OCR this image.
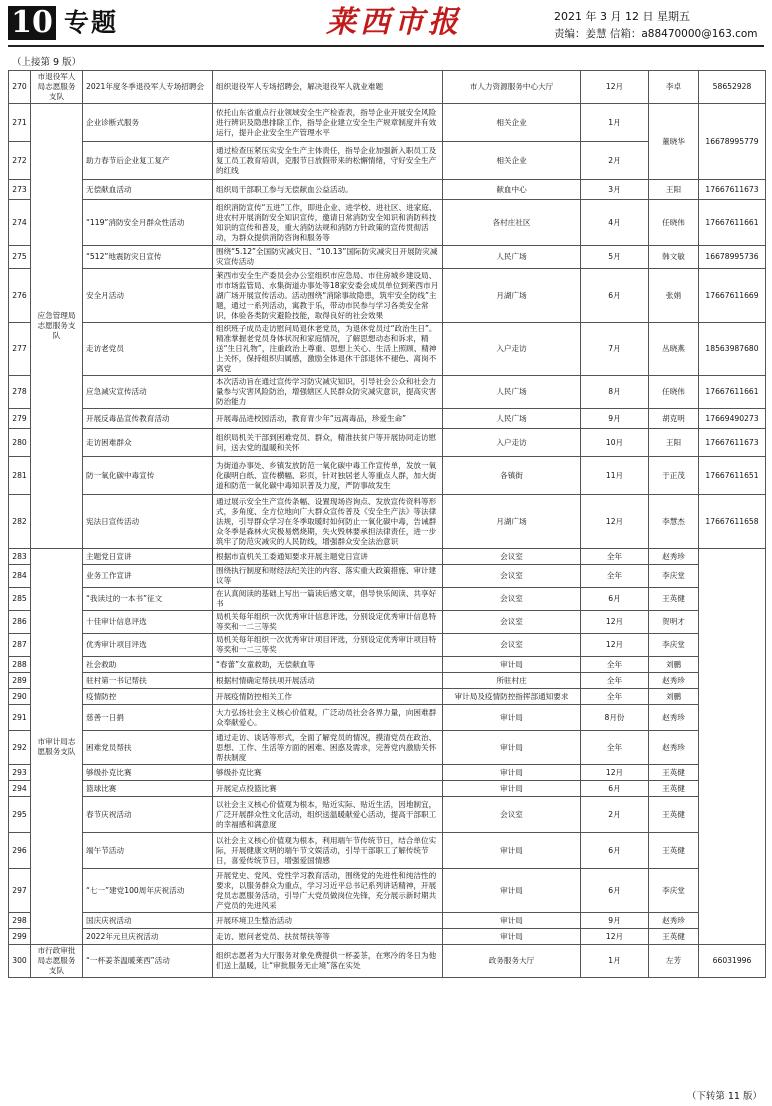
10 专题	莱西市报	2021 年 3 月 12 日 星期五
责编：姜慧 信箱：a88470000@163.com
（上接第 9 版）
270	市退役军人局志愿服务支队	2021年度冬季退役军人专场招聘会	组织退役军人专场招聘会，解决退役军人就业难题	市人力资源服务中心大厅	12月	李卓	58652928
271	应急管理局志愿服务支队	企业诊断式服务	依托山东省重点行业领域安全生产检查表，指导企业开展安全风险进行辨识及隐患排除工作，指导企业建立安全生产规章制度并有效运行，提升企业安全生产管理水平	相关企业	1月	董晓华	16678995779
272		助力春节后企业复工复产	通过检查压紧压实安全生产主体责任，指导企业加强新入职员工及复工员工教育培训，克服节日放假带来的松懈情绪，守好安全生产的红线	相关企业	2月		
273		无偿献血活动	组织局干部职工参与无偿献血公益活动。	献血中心	3月	王阳	17667611673
274		“119”消防安全月群众性活动	组织消防宣传“五进”工作，即进企业、进学校、进社区、进家庭、进农村开展消防安全知识宣传，邀请日常消防安全知识和消防科技知识的宣传和普及，重大消防法规和消防方针政策的宣传贯彻活动，为群众提供消防咨询和服务等	各村庄社区	4月	任晓伟	17667611661
275		“512”地震防灾日宣传	围绕“5.12”全国防灾减灾日、“10.13”国际防灾减灾日开展防灾减灾宣传活动	人民广场	5月	韩文敏	16678995736
276		安全月活动	莱西市安全生产委员会办公室组织市应急局、市住房城乡建设局、市市场监管局、水集街道办事处等18家安委会成员单位到莱西市月湖广场开展宣传活动。活动围绕“消除事故隐患，筑牢安全防线”主题，通过一系列活动，寓教于乐，带动市民参与学习各类安全常识，体验各类防灾避险技能，取得良好的社会效果	月湖广场	6月	张娟	17667611669
277		走访老党员	组织班子成员走访慰问局退休老党员，为退休党员过“政治生日”。精准掌握老党员身体状况和家庭情况，了解思想动态和诉求，精送“生日礼物”，注重政治上尊重、思想上关心、生活上照顾、精神上关怀，保持组织归属感，激励全体退休干部退休不褪色、离岗不离党	入户走访	7月	丛晓燕	18563987680
278		应急减灾宣传活动	本次活动旨在通过宣传学习防灾减灾知识，引导社会公众和社会力量参与灾害风险防治，增强辖区人民群众防灾减灾意识，提高灾害防治能力	人民广场	8月	任晓伟	17667611661
279		开展反毒品宣传教育活动	开展毒品进校园活动，教育青少年“远离毒品，珍爱生命”	人民广场	9月	胡克明	17669490273
280		走访困难群众	组织局机关干部到困难党员、群众，精准扶贫户等开展协同走访慰问，送去党的温暖和关怀	入户走访	10月	王阳	17667611673
281		防一氧化碳中毒宣传	为街道办事处、乡镇发放防范一氧化碳中毒工作宣传单，发放一氧化碳明白纸、宣传横幅、彩页，针对独居老人等重点人群，加大街道和防范一氧化碳中毒知识普及力度，严防事故发生	各镇街	11月	于正茂	17667611651
282		宪法日宣传活动	通过展示安全生产宣传条幅、设置现场咨询点、发放宣传资料等形式，多角度、全方位地向广大群众宣传普及《安全生产法》等法律法规，引导群众学习在冬季取暖时如何防止一氧化碳中毒，告诫群众冬季是森林火灾极易燃烧期，失火毁林要承担法律责任，进一步筑牢了防范灾减灾的人民防线，增强群众安全法治意识	月湖广场	12月	李慧杰	17667611658
283	市审计局志愿服务支队	主题党日宣讲	根据市直机关工委通知要求开展主题党日宣讲	会议室	全年	赵秀珍	
284		业务工作宣讲	围绕执行制度和财经法纪关注的内容、落实重大政策措施、审计建议等	会议室	全年	李庆堂	
285		“我读过的一本书”征文	在认真阅读的基础上写出一篇读后感文章，倡导快乐阅读、共享好书	会议室	6月	王英健	
286		十佳审计信息评选	局机关每年组织一次优秀审计信息评选，分别设定优秀审计信息特等奖和一二三等奖	会议室	12月	贺明才	
287		优秀审计项目评选	局机关每年组织一次优秀审计项目评选，分别设定优秀审计项目特等奖和一二三等奖	会议室	12月	李庆堂	
288		社会救助	“春蕾”女童救助，无偿献血等	审计局	全年	刘鹏	
289		驻村第一书记帮扶	根据村情确定帮扶项开展活动	所驻村庄	全年	赵秀珍	
290		疫情防控	开展疫情防控相关工作	审计局及疫情防控指挥部通知要求	全年	刘鹏	
291		慈善一日捐	大力弘扬社会主义核心价值观，广泛动员社会各界力量，向困难群众奉献爱心。	审计局	8月份	赵秀珍	
292		困难党员帮扶	通过走访、谈话等形式，全面了解党员的情况，摸清党员在政治、思想、工作、生活等方面的困难、困惑及需求，完善党内激励关怀帮扶制度	审计局	全年	赵秀珍	
293		够级扑克比赛	够级扑克比赛	审计局	12月	王英健	
294		篮球比赛	开展定点投篮比赛	审计局	6月	王英健	
295		春节庆祝活动	以社会主义核心价值观为根本，贴近实际、贴近生活，因地制宜，广泛开展群众性文化活动，组织送温暖献爱心活动，提高干部职工的幸福感和满意度	会议室	2月	王英健	
296		端午节活动	以社会主义核心价值观为根本，利用端午节传统节日，结合单位实际，开展健康文明的端午节文娱活动，引导干部职工了解传统节日，喜爱传统节日，增强爱国情感	审计局	6月	王英健	
297		“七一”建党100周年庆祝活动	开展党史、党风、党性学习教育活动，围绕党的先进性和纯洁性的要求，以服务群众为重点，学习习近平总书记系列讲话精神，开展党员志愿服务活动，引导广大党员做岗位先锋，充分展示新时期共产党员的先进风采	审计局	6月	李庆堂	
298		国庆庆祝活动	开展环境卫生整治活动	审计局	9月	赵秀珍	
299		2022年元旦庆祝活动	走访、慰问老党员、扶贫帮扶等等	审计局	12月	王英健	
300	市行政审批局志愿服务支队	“一杯姜茶温暖莱西”活动	组织志愿者为大厅服务对象免费提供一杯姜茶，在寒冷的冬日为他们送上温暖，让“审批服务无止境”落在实处	政务服务大厅	1月	左芳	66031996
（下转第 11 版）
